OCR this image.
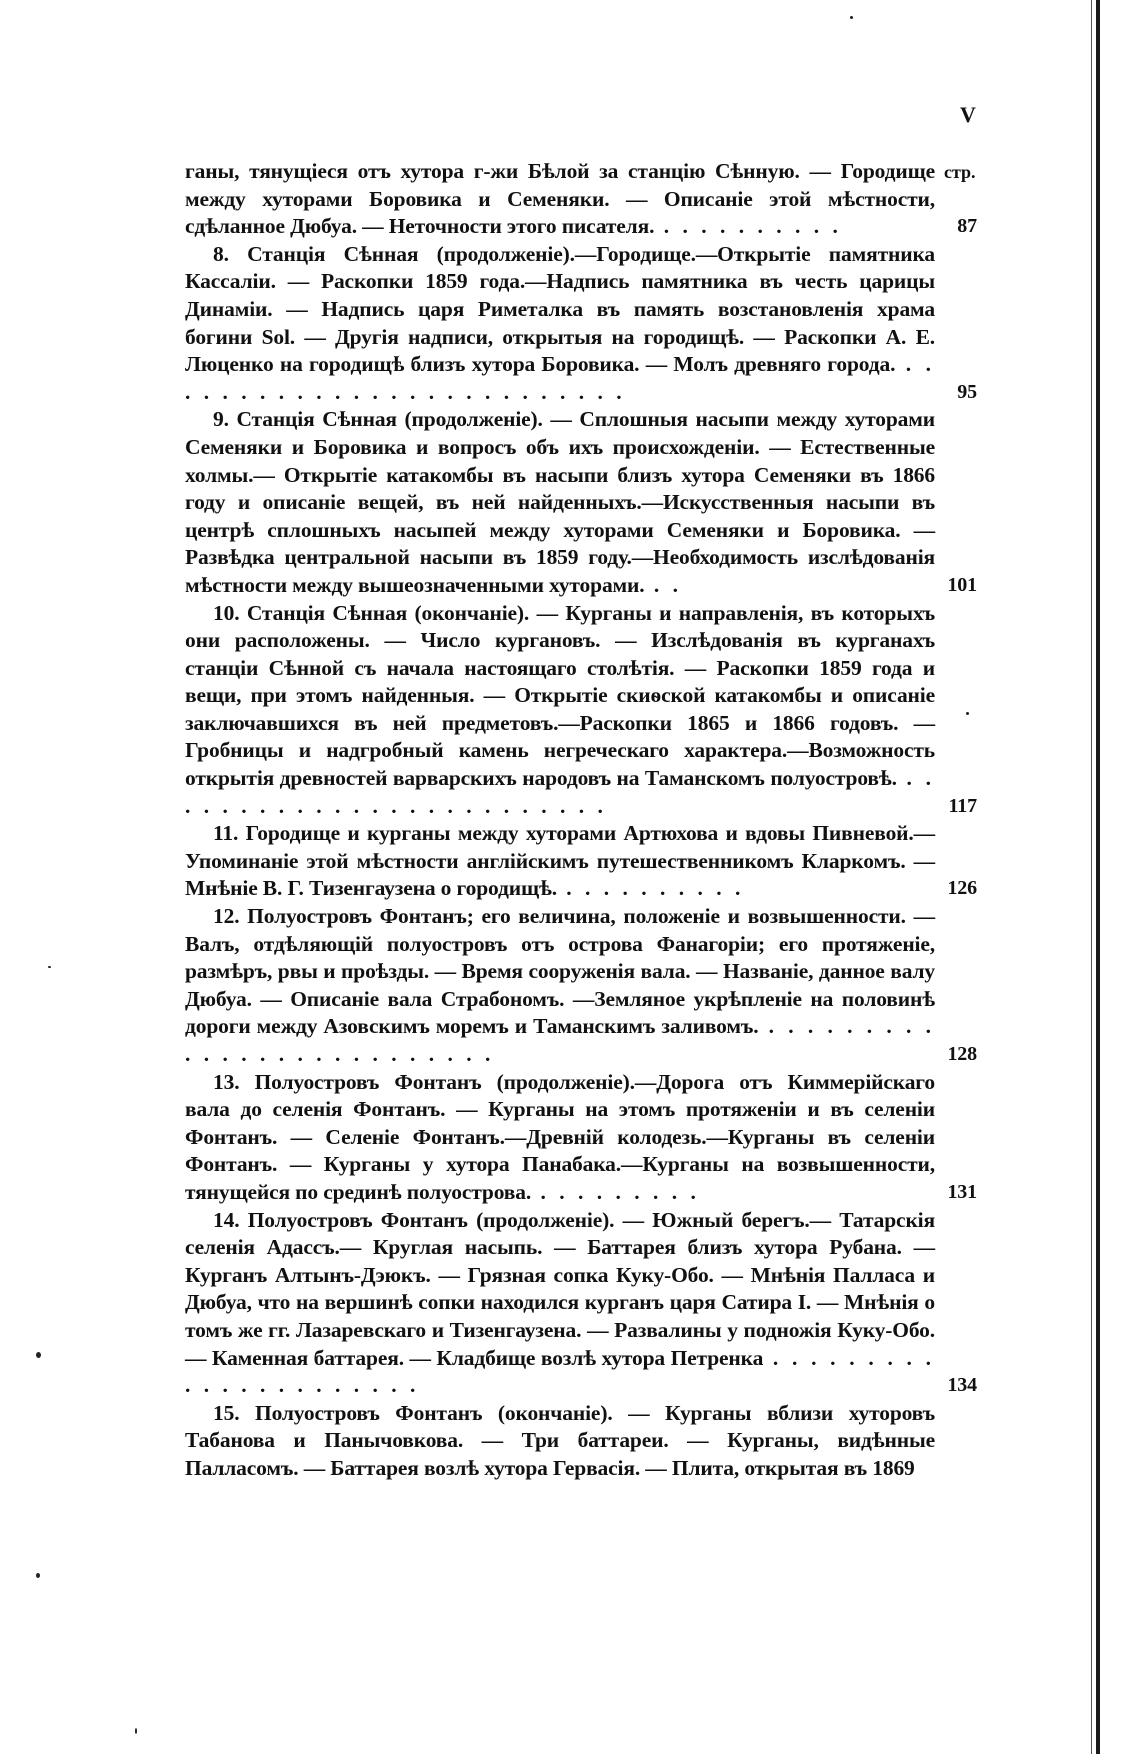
V
стр.

ганы, тянущіеся отъ хутора г-жи Бѣлой за станцію Сѣнную. — Городище между хуторами Боровика и Семеняки. — Описаніе этой мѣстности, сдѣланное Дюбуа. — Неточности этого писателя. . . . . . . . . . .	87

8. Станція Сѣнная (продолженіе).—Городище.—Открытіе памятника Кассаліи. — Раскопки 1859 года.—Надпись памятника въ честь царицы Динаміи. — Надпись царя Риметалка въ память возстановленія храма богини Sol. — Другія надписи, открытыя на городищѣ. — Раскопки А. Е. Люценко на городищѣ близъ хутора Боровика. — Молъ древняго города. . . . . . . . . . . . . . . . . . . . . . . . . . .	95

9. Станція Сѣнная (продолженіе). — Сплошныя насыпи между хуторами Семеняки и Боровика и вопросъ объ ихъ происхожденіи. — Естественные холмы.— Открытіе катакомбы въ насыпи близъ хутора Семеняки въ 1866 году и описаніе вещей, въ ней найденныхъ.—Искусственныя насыпи въ центрѣ сплошныхъ насыпей между хуторами Семеняки и Боровика. — Развѣдка центральной насыпи въ 1859 году.—Необходимость изслѣдованія мѣстности между вышеозначенными хуторами. . .	101

10. Станція Сѣнная (окончаніе). — Курганы и направленія, въ которыхъ они расположены. — Число кургановъ. — Изслѣдованія въ курганахъ станціи Сѣнной съ начала настоящаго столѣтія. — Раскопки 1859 года и вещи, при этомъ найденныя. — Открытіе скиѳской катакомбы и описаніе заключавшихся въ ней предметовъ.—Раскопки 1865 и 1866 годовъ. — Гробницы и надгробный камень негреческаго характера.—Возможность открытія древностей варварскихъ народовъ на Таманскомъ полуостровѣ. . . . . . . . . . . . . . . . . . . . . . . . . .	117

11. Городище и курганы между хуторами Артюхова и вдовы Пивневой.—Упоминаніе этой мѣстности англійскимъ путешественникомъ Кларкомъ. — Мнѣніе В. Г. Тизенгаузена о городищѣ. . . . . . . . . . .	126

12. Полуостровъ Фонтанъ; его величина, положеніе и возвышенности. — Валъ, отдѣляющій полуостровъ отъ острова Фанагоріи; его протяженіе, размѣръ, рвы и проѣзды. — Время сооруженія вала. — Названіе, данное валу Дюбуа. — Описаніе вала Страбономъ. —Земляное укрѣпленіе на половинѣ дороги между Азовскимъ моремъ и Таманскимъ заливомъ. . . . . . . . . . . . . . . . . . . . . . . . . . .	128

13. Полуостровъ Фонтанъ (продолженіе).—Дорога отъ Киммерійскаго вала до селенія Фонтанъ. — Курганы на этомъ протяженіи и въ селеніи Фонтанъ. — Селеніе Фонтанъ.—Древній колодезь.—Курганы въ селеніи Фонтанъ. — Курганы у хутора Панабака.—Курганы на возвышенности, тянущейся по срединѣ полуострова. . . . . . . . . .	131

14. Полуостровъ Фонтанъ (продолженіе). — Южный берегъ.— Татарскія селенія Адассъ.— Круглая насыпь. — Баттарея близъ хутора Рубана. — Курганъ Алтынъ-Дэюкъ. — Грязная сопка Куку-Обо. — Мнѣнія Палласа и Дюбуа, что на вершинѣ сопки находился курганъ царя Сатира I. — Мнѣнія о томъ же гг. Лазаревскаго и Тизенгаузена. — Развалины у подножія Куку-Обо. — Каменная баттарея. — Кладбище возлѣ хутора Петренка . . . . . . . . . . . . . . . . . . . . . .	134

15. Полуостровъ Фонтанъ (окончаніе). — Курганы вблизи хуторовъ Табанова и Панычовкова. — Три баттареи. — Курганы, видѣнные Палласомъ. — Баттарея возлѣ хутора Гервасія. — Плита, открытая въ 1869
